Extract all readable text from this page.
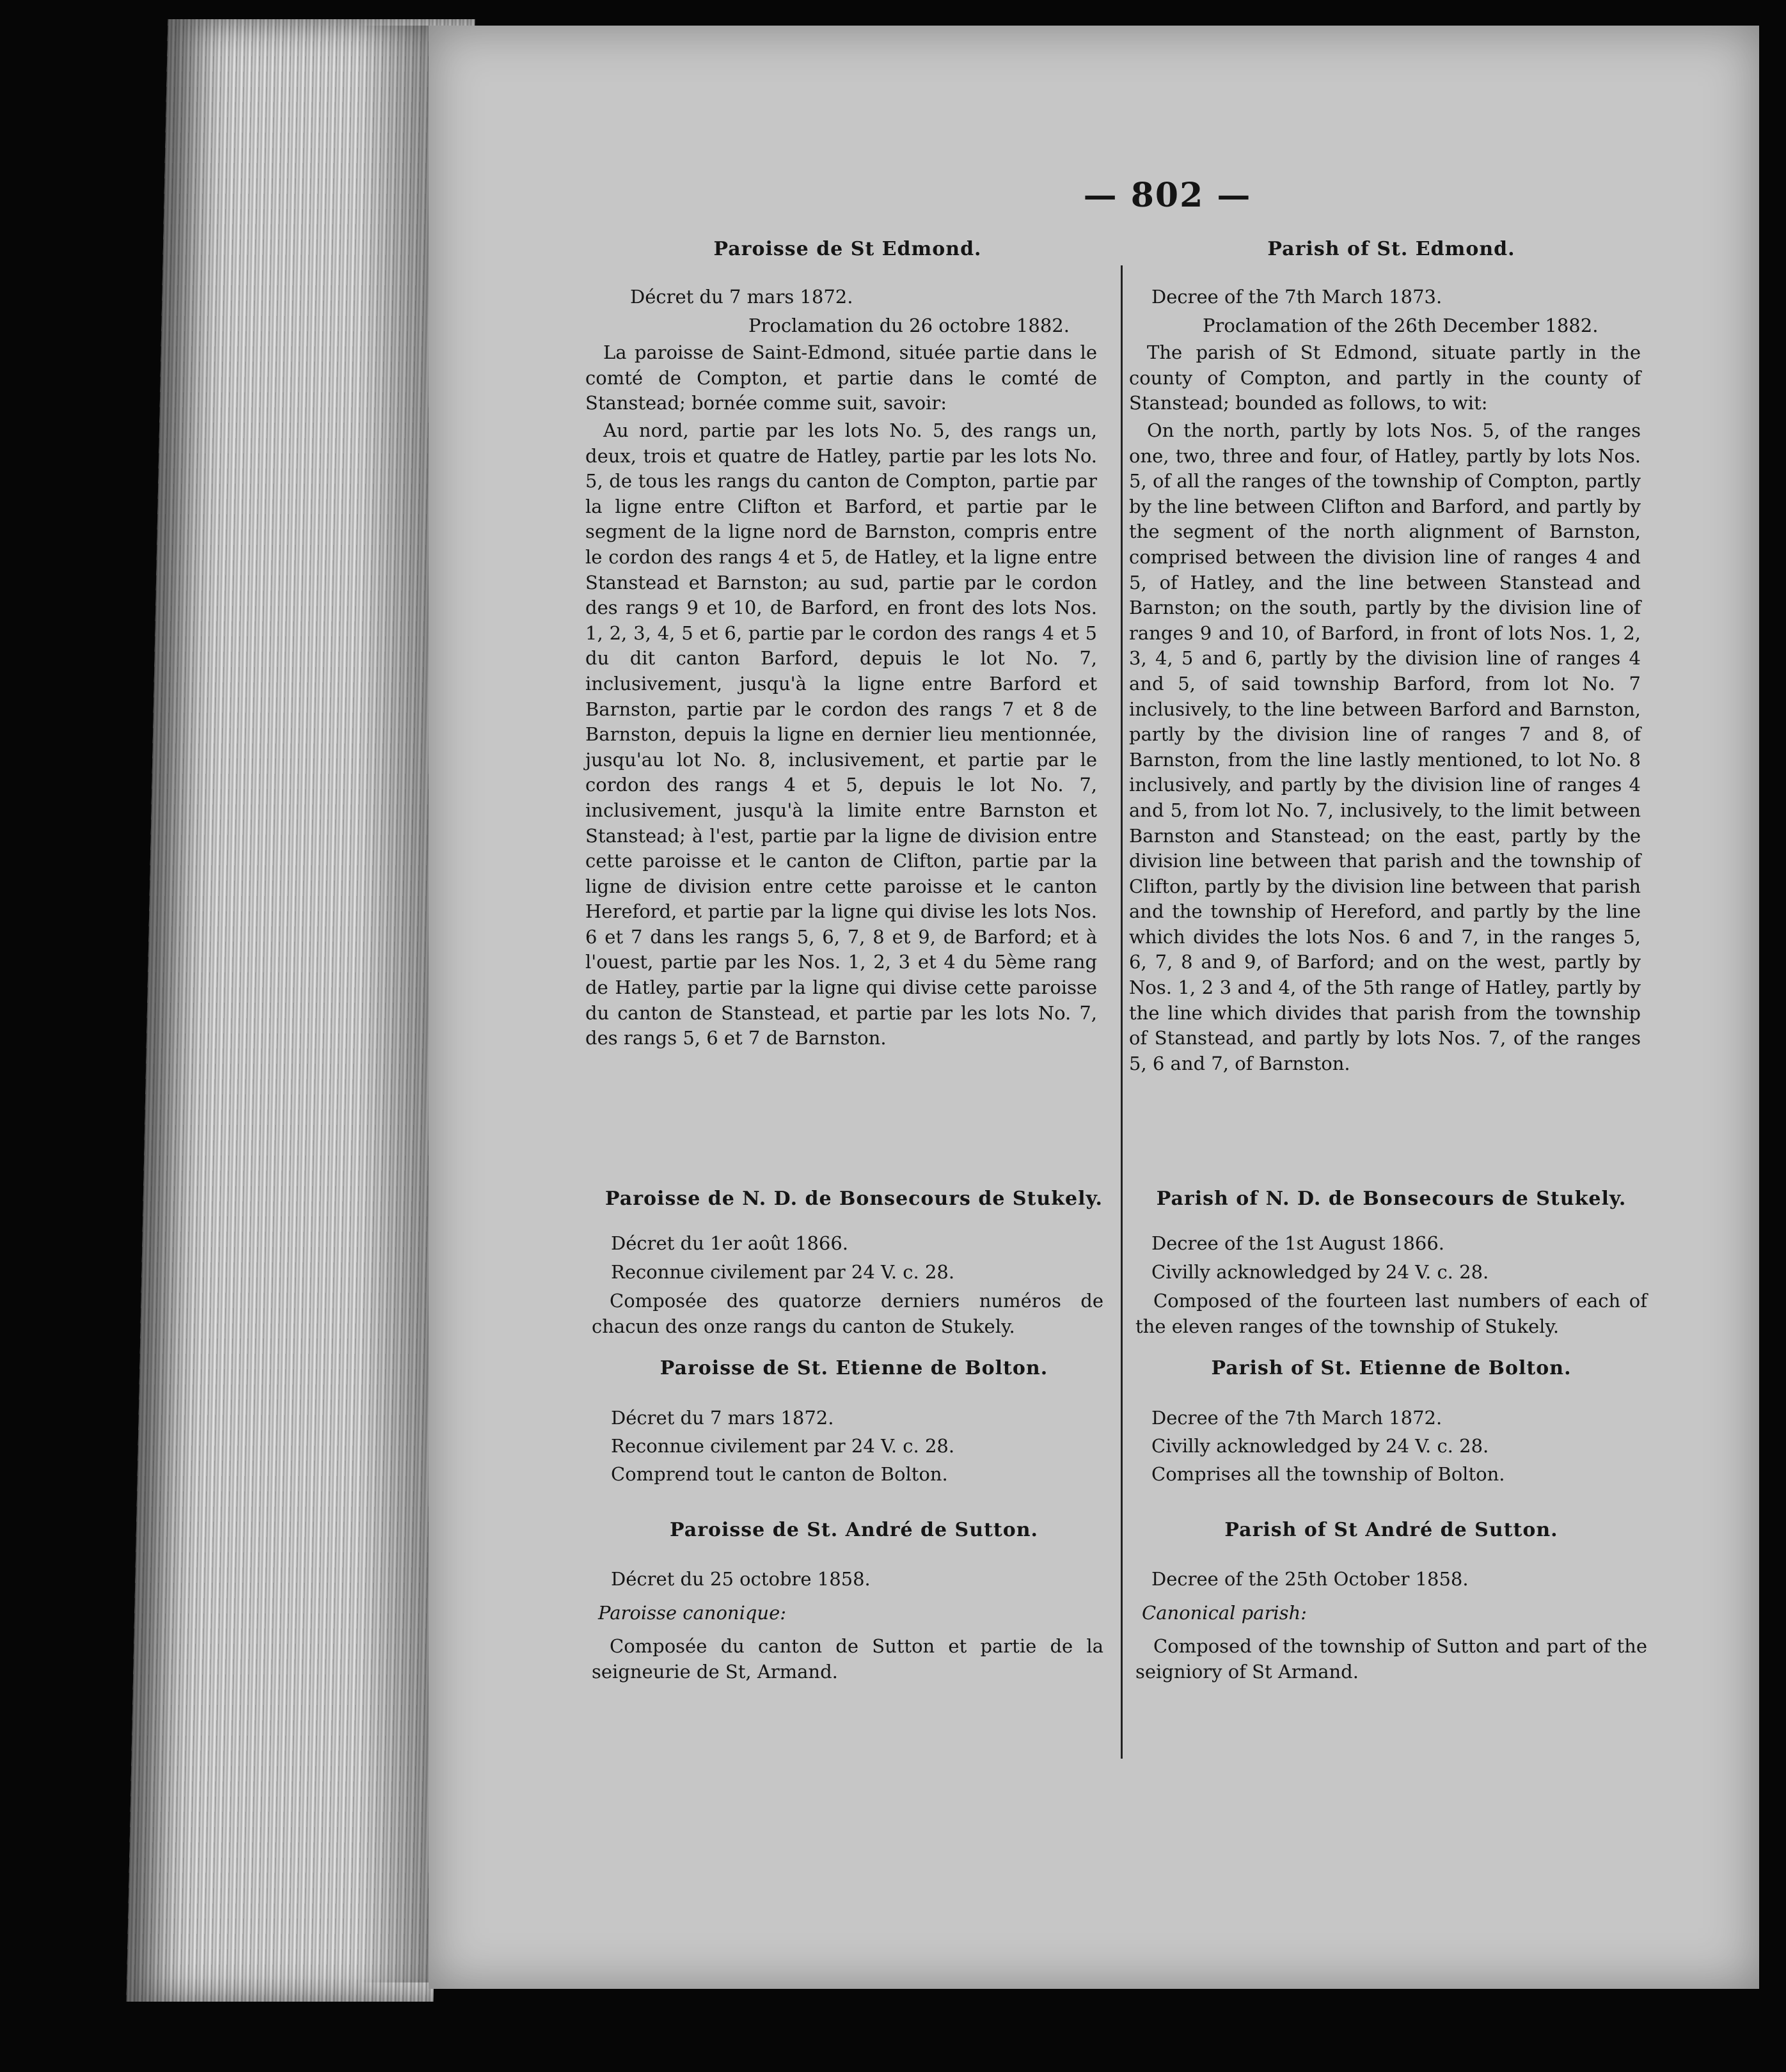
— 802 —
Paroisse de St Edmond.
Décret du 7 mars 1872.
Proclamation du 26 octobre 1882.
La paroisse de Saint-Edmond, située partie dans le comté de Compton, et partie dans le comté de Stanstead; bornée comme suit, savoir:
Au nord, partie par les lots No. 5, des rangs un, deux, trois et quatre de Hatley, partie par les lots No. 5, de tous les rangs du canton de Compton, partie par la ligne entre Clifton et Barford, et partie par le segment de la ligne nord de Barnston, compris entre le cordon des rangs 4 et 5, de Hatley, et la ligne entre Stanstead et Barnston; au sud, partie par le cordon des rangs 9 et 10, de Barford, en front des lots Nos. 1, 2, 3, 4, 5 et 6, partie par le cordon des rangs 4 et 5 du dit canton Barford, depuis le lot No. 7, inclusivement, jusqu'à la ligne entre Barford et Barnston, partie par le cordon des rangs 7 et 8 de Barnston, depuis la ligne en dernier lieu mentionnée, jusqu'au lot No. 8, inclusivement, et partie par le cordon des rangs 4 et 5, depuis le lot No. 7, inclusivement, jusqu'à la limite entre Barnston et Stanstead; à l'est, partie par la ligne de division entre cette paroisse et le canton de Clifton, partie par la ligne de division entre cette paroisse et le canton Hereford, et partie par la ligne qui divise les lots Nos. 6 et 7 dans les rangs 5, 6, 7, 8 et 9, de Barford; et à l'ouest, partie par les Nos. 1, 2, 3 et 4 du 5ème rang de Hatley, partie par la ligne qui divise cette paroisse du canton de Stanstead, et partie par les lots No. 7, des rangs 5, 6 et 7 de Barnston.
Paroisse de N. D. de Bonsecours de Stukely.
Décret du 1er août 1866.
Reconnue civilement par 24 V. c. 28.
Composée des quatorze derniers numéros de chacun des onze rangs du canton de Stukely.
Paroisse de St. Etienne de Bolton.
Décret du 7 mars 1872.
Reconnue civilement par 24 V. c. 28.
Comprend tout le canton de Bolton.
Paroisse de St. André de Sutton.
Décret du 25 octobre 1858.
Paroisse canonique:
Composée du canton de Sutton et partie de la seigneurie de St, Armand.
Parish of St. Edmond.
Decree of the 7th March 1873.
Proclamation of the 26th December 1882.
The parish of St Edmond, situate partly in the county of Compton, and partly in the county of Stanstead; bounded as follows, to wit:
On the north, partly by lots Nos. 5, of the ranges one, two, three and four, of Hatley, partly by lots Nos. 5, of all the ranges of the township of Compton, partly by the line between Clifton and Barford, and partly by the segment of the north alignment of Barnston, comprised between the division line of ranges 4 and 5, of Hatley, and the line between Stanstead and Barnston; on the south, partly by the division line of ranges 9 and 10, of Barford, in front of lots Nos. 1, 2, 3, 4, 5 and 6, partly by the division line of ranges 4 and 5, of said township Barford, from lot No. 7 inclusively, to the line between Barford and Barnston, partly by the division line of ranges 7 and 8, of Barnston, from the line lastly mentioned, to lot No. 8 inclusively, and partly by the division line of ranges 4 and 5, from lot No. 7, inclusively, to the limit between Barnston and Stanstead; on the east, partly by the division line between that parish and the township of Clifton, partly by the division line between that parish and the township of Hereford, and partly by the line which divides the lots Nos. 6 and 7, in the ranges 5, 6, 7, 8 and 9, of Barford; and on the west, partly by Nos. 1, 2 3 and 4, of the 5th range of Hatley, partly by the line which divides that parish from the township of Stanstead, and partly by lots Nos. 7, of the ranges 5, 6 and 7, of Barnston.
Parish of N. D. de Bonsecours de Stukely.
Decree of the 1st August 1866.
Civilly acknowledged by 24 V. c. 28.
Composed of the fourteen last numbers of each of the eleven ranges of the township of Stukely.
Parish of St. Etienne de Bolton.
Decree of the 7th March 1872.
Civilly acknowledged by 24 V. c. 28.
Comprises all the township of Bolton.
Parish of St André de Sutton.
Decree of the 25th October 1858.
Canonical parish:
Composed of the township of Sutton and part of the seigniory of St Armand.
